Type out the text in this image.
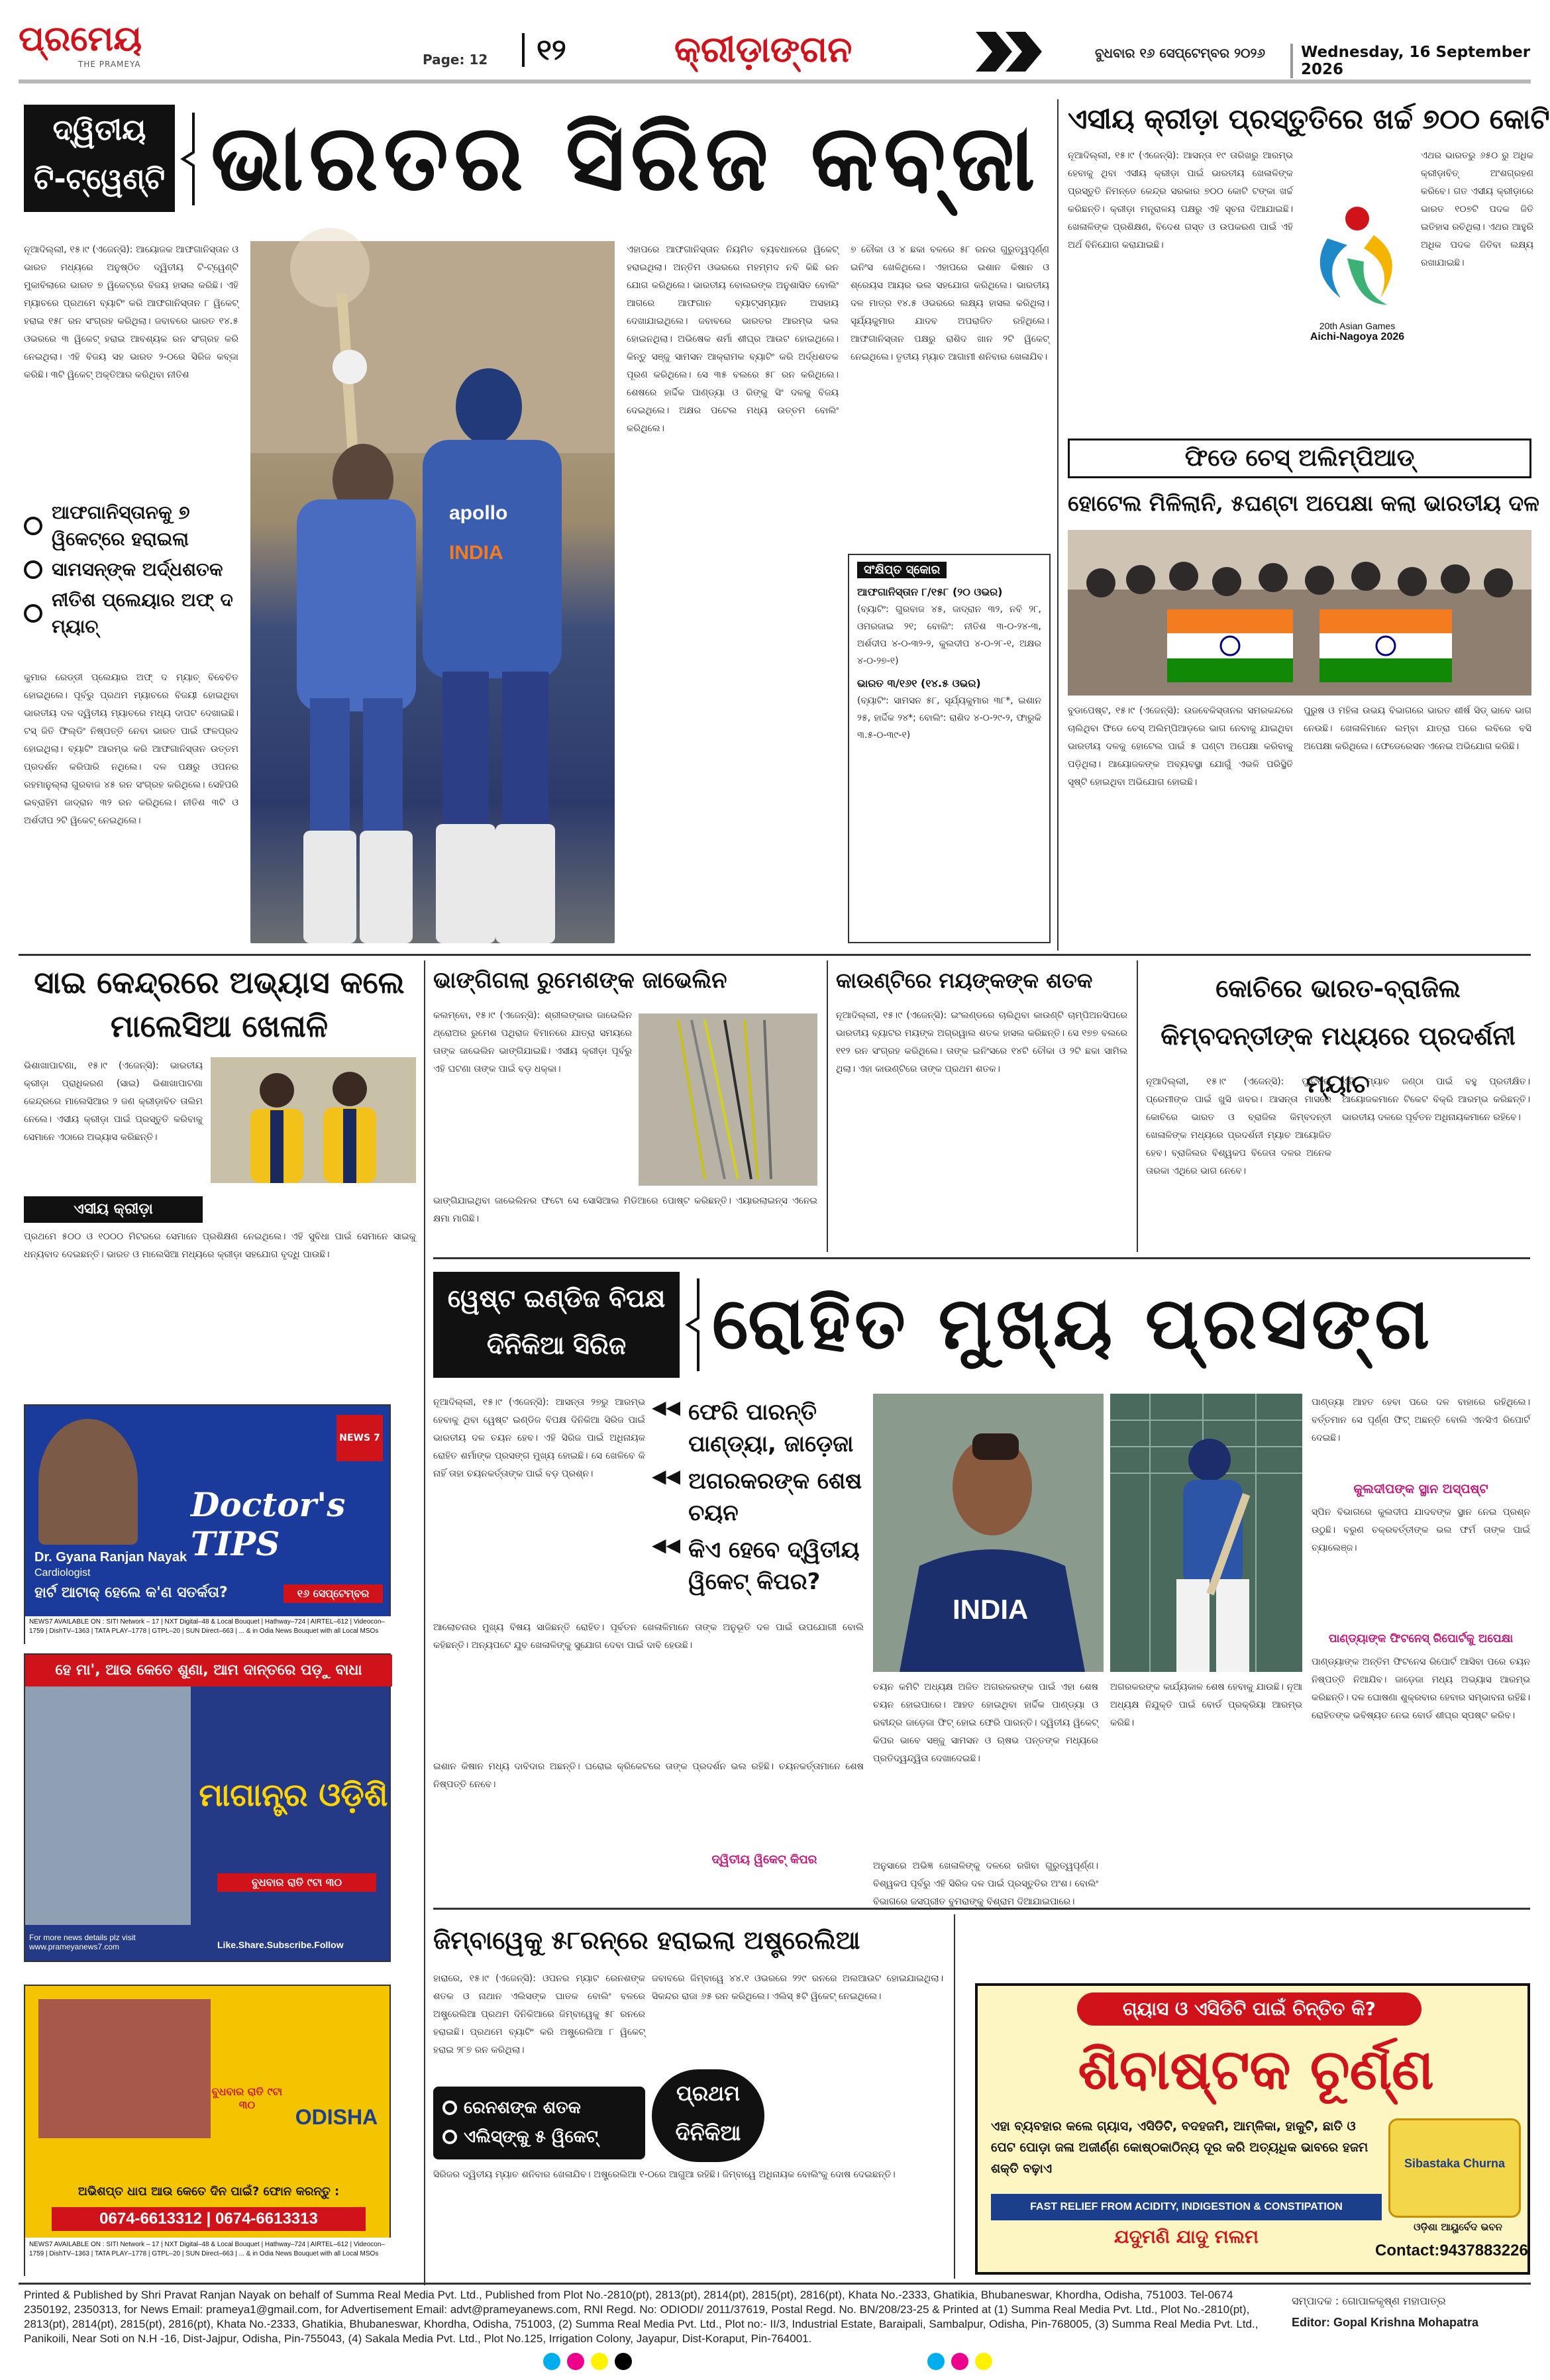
ପ୍ରମେୟ
THE PRAMEYA	Page: 12	୧୨	କ୍ରୀଡ଼ାଙ୍ଗନ	ବୁଧବାର ୧୬ ସେପ୍ଟେମ୍ବର ୨୦୨୬	Wednesday, 16 September 2026
ଦ୍ୱିତୀୟ
ଟି-ଟ୍ୱେଣ୍ଟି ଭାରତର ସିରିଜ କବ୍‌ଜା
ନୂଆଦିଲ୍ଲୀ, ୧୫।୯ (ଏଜେନ୍ସି): ଆୟୋଜକ ଆଫଗାନିସ୍ତାନ ଓ ଭାରତ ମଧ୍ୟରେ ଅନୁଷ୍ଠିତ ଦ୍ୱିତୀୟ ଟି-ଟ୍ୱେଣ୍ଟି ମୁକାବିଲାରେ ଭାରତ ୭ ୱିକେଟ୍‌ରେ ବିଜୟ ହାସଲ କରିଛି। ଏହି ମ୍ୟାଚରେ ପ୍ରଥମେ ବ୍ୟାଟିଂ କରି ଆଫଗାନିସ୍ତାନ ୮ ୱିକେଟ୍ ହରାଇ ୧୫୮ ରନ ସଂଗ୍ରହ କରିଥିଲା। ଜବାବରେ ଭାରତ ୧୪.୫ ଓଭରରେ ୩ ୱିକେଟ୍ ହରାଇ ଆବଶ୍ୟକ ରନ ସଂଗ୍ରହ କରି ନେଇଥିଲା। ଏହି ବିଜୟ ସହ ଭାରତ ୨-୦ରେ ସିରିଜ କବ୍‌ଜା କରିଛି। ୩ଟି ୱିକେଟ୍ ଅକ୍ତିଆର କରିଥିବା ନୀତିଶ
ଆଫଗାନିସ୍ତାନକୁ ୭ ୱିକେଟ୍‌ରେ ହରାଇଲା
ସାମସନ୍‌ଙ୍କ ଅର୍ଦ୍ଧଶତକ
ନୀତିଶ ପ୍ଲେୟାର ଅଫ୍ ଦ ମ୍ୟାଚ୍
କୁମାର ରେଡ୍ଡୀ ପ୍ଲେୟାର ଅଫ୍ ଦ ମ୍ୟାଚ୍ ବିବେଚିତ ହୋଇଥିଲେ। ପୂର୍ବରୁ ପ୍ରଥମ ମ୍ୟାଚରେ ବିଜୟୀ ହୋଇଥିବା ଭାରତୀୟ ଦଳ ଦ୍ୱିତୀୟ ମ୍ୟାଚରେ ମଧ୍ୟ ଦାପଟ ଦେଖାଇଛି। ଟସ୍ ଜିତି ଫିଲ୍ଡିଂ ନିଷ୍ପତ୍ତି ନେବା ଭାରତ ପାଇଁ ଫଳପ୍ରଦ ହୋଇଥିଲା। ବ୍ୟାଟିଂ ଆରମ୍ଭ କରି ଆଫଗାନିସ୍ତାନ ଉତ୍ତମ ପ୍ରଦର୍ଶନ କରିପାରି ନଥିଲେ। ଦଳ ପକ୍ଷରୁ ଓପନର ରହମାନୁଲ୍ଲା ଗୁରବାଜ ୪୫ ରନ ସଂଗ୍ରହ କରିଥିଲେ। ସେହିପରି ଇବ୍ରାହିମ ଜାଦ୍ରାନ ୩୨ ରନ କରିଥିଲେ। ନୀତିଶ ୩ଟି ଓ ଅର୍ଶଦୀପ ୨ଟି ୱିକେଟ୍ ନେଇଥିଲେ।
apollo
INDIA
ଏହାପରେ ଆଫଗାନିସ୍ତାନ ନିୟମିତ ବ୍ୟବଧାନରେ ୱିକେଟ୍ ହରାଇଥିଲା। ଅନ୍ତିମ ଓଭରରେ ମହମ୍ମଦ ନବି କିଛି ରନ ଯୋଗ କରିଥିଲେ। ଭାରତୀୟ ବୋଲରଙ୍କ ଅନୁଶାସିତ ବୋଲିଂ ଆଗରେ ଆଫଗାନ ବ୍ୟାଟ୍ସମ୍ୟାନ ଅସହାୟ ଦେଖାଯାଇଥିଲେ। ଜବାବରେ ଭାରତର ଆରମ୍ଭ ଭଲ ହୋଇନଥିଲା। ଅଭିଷେକ ଶର୍ମା ଶୀଘ୍ର ଆଉଟ ହୋଇଥିଲେ। କିନ୍ତୁ ସଞ୍ଜୁ ସାମସନ ଆକ୍ରାମକ ବ୍ୟାଟିଂ କରି ଅର୍ଦ୍ଧଶତକ ପୂରଣ କରିଥିଲେ। ସେ ୩୫ ବଲରେ ୫୮ ରନ କରିଥିଲେ। ଶେଷରେ ହାର୍ଦ୍ଦିକ ପାଣ୍ଡ୍ୟା ଓ ରିଙ୍କୁ ସିଂ ଦଳକୁ ବିଜୟ ଦେଇଥିଲେ। ଅକ୍ଷର ପଟେଲ ମଧ୍ୟ ଉତ୍ତମ ବୋଲିଂ କରିଥିଲେ।
୭ ଚୌକା ଓ ୪ ଛକା ବଳରେ ୫୮ ରନର ଗୁରୁତ୍ୱପୂର୍ଣ୍ଣ ଇନିଂସ ଖେଳିଥିଲେ। ଏହାପରେ ଇଶାନ କିଷାନ ଓ ଶ୍ରେୟସ ଆୟର ଭଲ ସହଯୋଗ କରିଥିଲେ। ଭାରତୀୟ ଦଳ ମାତ୍ର ୧୪.୫ ଓଭରରେ ଲକ୍ଷ୍ୟ ହାସଲ କରିଥିଲା। ସୂର୍ଯ୍ୟକୁମାର ଯାଦବ ଅପରାଜିତ ରହିଥିଲେ। ଆଫଗାନିସ୍ତାନ ପକ୍ଷରୁ ରାଶିଦ ଖାନ ୨ଟି ୱିକେଟ୍ ନେଇଥିଲେ। ତୃତୀୟ ମ୍ୟାଚ ଆଗାମୀ ଶନିବାର ଖେଳାଯିବ।
ସଂକ୍ଷିପ୍ତ ସ୍କୋର
ଆଫଗାନିସ୍ତାନ ୮/୧୫୮ (୨୦ ଓଭର)
(ବ୍ୟାଟିଂ: ଗୁରବାଜ ୪୫, ଜାଦ୍ରାନ ୩୨, ନବି ୨୮, ଓମରଜାଇ ୨୧; ବୋଲିଂ: ନୀତିଶ ୩-୦-୨୪-୩, ଅର୍ଶଦୀପ ୪-୦-୩୨-୨, କୁଲଦୀପ ୪-୦-୨୮-୧, ଅକ୍ଷର ୪-୦-୨୭-୧)
ଭାରତ ୩/୧୬୧ (୧୪.୫ ଓଭର)
(ବ୍ୟାଟିଂ: ସାମସନ ୫୮, ସୂର୍ଯ୍ୟକୁମାର ୩୮*, ଇଶାନ ୨୫, ହାର୍ଦ୍ଦିକ ୨୪*; ବୋଲିଂ: ରାଶିଦ ୪-୦-୨୯-୨, ଫାରୁକି ୩.୫-୦-୩୯-୧)
ଏସୀୟ କ୍ରୀଡ଼ା ପ୍ରସ୍ତୁତିରେ ଖର୍ଚ୍ଚ ୭୦୦ କୋଟି
ନୂଆଦିଲ୍ଲୀ, ୧୫।୯ (ଏଜେନ୍ସି): ଆସନ୍ତା ୧୯ ତାରିଖରୁ ଆରମ୍ଭ ହେବାକୁ ଥିବା ଏସୀୟ କ୍ରୀଡ଼ା ପାଇଁ ଭାରତୀୟ ଖେଳାଳିଙ୍କ ପ୍ରସ୍ତୁତି ନିମନ୍ତେ କେନ୍ଦ୍ର ସରକାର ୭୦୦ କୋଟି ଟଙ୍କା ଖର୍ଚ୍ଚ କରିଛନ୍ତି। କ୍ରୀଡ଼ା ମନ୍ତ୍ରାଳୟ ପକ୍ଷରୁ ଏହି ସୂଚନା ଦିଆଯାଇଛି। ଖେଳାଳିଙ୍କ ପ୍ରଶିକ୍ଷଣ, ବିଦେଶ ଗସ୍ତ ଓ ଉପକରଣ ପାଇଁ ଏହି ଅର୍ଥ ବିନିଯୋଗ କରାଯାଇଛି।
20th Asian Games
Aichi-Nagoya 2026
ଏଥର ଭାରତରୁ ୬୫୦ ରୁ ଅଧିକ କ୍ରୀଡ଼ାବିତ୍ ଅଂଶଗ୍ରହଣ କରିବେ। ଗତ ଏସୀୟ କ୍ରୀଡ଼ାରେ ଭାରତ ୧୦୭ଟି ପଦକ ଜିତି ଇତିହାସ ରଚିଥିଲା। ଏଥର ଆହୁରି ଅଧିକ ପଦକ ଜିତିବା ଲକ୍ଷ୍ୟ ରଖାଯାଇଛି।
ଫିଡେ ଚେସ୍ ଅଲିମ୍ପିଆଡ୍
ହୋଟେଲ ମିଳିଲାନି, ୫ଘଣ୍ଟା ଅପେକ୍ଷା କଲା ଭାରତୀୟ ଦଳ
ବୁଡାପେଷ୍ଟ, ୧୫।୯ (ଏଜେନ୍ସି): ଉଜବେକିସ୍ତାନର ସମରକନ୍ଦରେ ଚାଲିଥିବା ଫିଡେ ଚେସ୍ ଅଲିମ୍ପିଆଡ଼ରେ ଭାଗ ନେବାକୁ ଯାଇଥିବା ଭାରତୀୟ ଦଳକୁ ହୋଟେଲ ପାଇଁ ୫ ଘଣ୍ଟା ଅପେକ୍ଷା କରିବାକୁ ପଡ଼ିଥିଲା। ଆୟୋଜକଙ୍କ ଅବ୍ୟବସ୍ଥା ଯୋଗୁଁ ଏଭଳି ପରିସ୍ଥିତି ସୃଷ୍ଟି ହୋଇଥିବା ଅଭିଯୋଗ ହୋଇଛି।
ପୁରୁଷ ଓ ମହିଳା ଉଭୟ ବିଭାଗରେ ଭାରତ ଶୀର୍ଷ ସିଡ୍ ଭାବେ ଭାଗ ନେଉଛି। ଖେଳାଳିମାନେ ଲମ୍ବା ଯାତ୍ରା ପରେ ଲବିରେ ବସି ଅପେକ୍ଷା କରିଥିଲେ। ଫେଡେରେସନ ଏନେଇ ଅଭିଯୋଗ କରିଛି।
ସାଇ କେନ୍ଦ୍ରରେ ଅଭ୍ୟାସ କଲେ ମାଲେସିଆ ଖେଳାଳି
ଭିଶାଖାପାଟଣା, ୧୫।୯ (ଏଜେନ୍ସି): ଭାରତୀୟ କ୍ରୀଡ଼ା ପ୍ରାଧିକରଣ (ସାଇ) ଭିଶାଖାପାଟଣା କେନ୍ଦ୍ରରେ ମାଲେସିଆର ୨ ଜଣ କ୍ରୀଡ଼ାବିତ ତାଲିମ ନେଲେ। ଏସୀୟ କ୍ରୀଡ଼ା ପାଇଁ ପ୍ରସ୍ତୁତି କରିବାକୁ ସେମାନେ ଏଠାରେ ଅଭ୍ୟାସ କରିଛନ୍ତି।
ଏସୀୟ କ୍ରୀଡ଼ା
ପ୍ରଥମେ ୫୦୦ ଓ ୧୦୦୦ ମିଟରରେ ସେମାନେ ପ୍ରଶିକ୍ଷଣ ନେଇଥିଲେ। ଏହି ସୁବିଧା ପାଇଁ ସେମାନେ ସାଇକୁ ଧନ୍ୟବାଦ ଦେଇଛନ୍ତି। ଭାରତ ଓ ମାଲେସିଆ ମଧ୍ୟରେ କ୍ରୀଡ଼ା ସହଯୋଗ ବୃଦ୍ଧି ପାଉଛି।
ଭାଙ୍ଗିଗଲା ରୁମେଶଙ୍କ ଜାଭେଲିନ
କଲମ୍ବୋ, ୧୫।୯ (ଏଜେନ୍ସି): ଶ୍ରୀଲଙ୍କାର ଜାଭେଲିନ ଥ୍ରୋଅର ରୁମେଶ ପଥିରାଜ ବିମାନରେ ଯାତ୍ରା ସମୟରେ ତାଙ୍କ ଜାଭେଲିନ ଭାଙ୍ଗିଯାଇଛି। ଏସୀୟ କ୍ରୀଡ଼ା ପୂର୍ବରୁ ଏହି ଘଟଣା ତାଙ୍କ ପାଇଁ ବଡ଼ ଧକ୍କା।
ଭାଙ୍ଗିଯାଇଥିବା ଜାଭେଲିନର ଫଟୋ ସେ ସୋସିଆଲ ମିଡିଆରେ ପୋଷ୍ଟ କରିଛନ୍ତି। ଏୟାରଲାଇନ୍ସ ଏନେଇ କ୍ଷମା ମାଗିଛି।
କାଉଣ୍ଟିରେ ମୟଙ୍କଙ୍କ ଶତକ
ନୂଆଦିଲ୍ଲୀ, ୧୫।୯ (ଏଜେନ୍ସି): ଇଂଲଣ୍ଡରେ ଚାଲିଥିବା କାଉଣ୍ଟି ଚାମ୍ପିଅନସିପରେ ଭାରତୀୟ ବ୍ୟାଟର ମୟଙ୍କ ଅଗ୍ରୱାଲ ଶତକ ହାସଲ କରିଛନ୍ତି। ସେ ୧୭୭ ବଲରେ ୧୧୨ ରନ ସଂଗ୍ରହ କରିଥିଲେ। ତାଙ୍କ ଇନିଂସରେ ୧୪ଟି ଚୌକା ଓ ୨ଟି ଛକା ସାମିଲ ଥିଲା। ଏହା କାଉଣ୍ଟିରେ ତାଙ୍କ ପ୍ରଥମ ଶତକ।
କୋଚିରେ ଭାରତ-ବ୍ରାଜିଲ କିମ୍ବଦନ୍ତୀଙ୍କ ମଧ୍ୟରେ ପ୍ରଦର୍ଶନୀ ମ୍ୟାଚ
ନୂଆଦିଲ୍ଲୀ, ୧୫।୯ (ଏଜେନ୍ସି): ଫୁଟବଲ ପ୍ରେମୀଙ୍କ ପାଇଁ ଖୁସି ଖବର। ଆସନ୍ତା ମାସରେ କୋଚିରେ ଭାରତ ଓ ବ୍ରାଜିଲ କିମ୍ବଦନ୍ତୀ ଖେଳାଳିଙ୍କ ମଧ୍ୟରେ ପ୍ରଦର୍ଶନୀ ମ୍ୟାଚ ଆୟୋଜିତ ହେବ। ବ୍ରାଜିଲର ବିଶ୍ୱକପ ବିଜେତା ଦଳର ଅନେକ ତାରକା ଏଥିରେ ଭାଗ ନେବେ।
ଏହି ମ୍ୟାଚ ଜଣ୍ଠା ପାଇଁ ବହୁ ପ୍ରତୀକ୍ଷିତ। ଆୟୋଜକମାନେ ଟିକେଟ ବିକ୍ରି ଆରମ୍ଭ କରିଛନ୍ତି। ଭାରତୀୟ ଦଳରେ ପୂର୍ବତନ ଅଧିନାୟକମାନେ ରହିବେ।
ୱେଷ୍ଟ ଇଣ୍ଡିଜ ବିପକ୍ଷ
ଦିନିକିଆ ସିରିଜ	ରୋହିତ ମୁଖ୍ୟ ପ୍ରସଙ୍ଗ
ନୂଆଦିଲ୍ଲୀ, ୧୫।୯ (ଏଜେନ୍ସି): ଆସନ୍ତା ୨୭ରୁ ଆରମ୍ଭ ହେବାକୁ ଥିବା ୱେଷ୍ଟ ଇଣ୍ଡିଜ ବିପକ୍ଷ ଦିନିକିଆ ସିରିଜ ପାଇଁ ଭାରତୀୟ ଦଳ ଚୟନ ହେବ। ଏହି ସିରିଜ ପାଇଁ ଅଧିନାୟକ ରୋହିତ ଶର୍ମାଙ୍କ ପ୍ରସଙ୍ଗ ମୁଖ୍ୟ ହୋଇଛି। ସେ ଖେଳିବେ କି ନାହିଁ ତାହା ଚୟନକର୍ତ୍ତାଙ୍କ ପାଇଁ ବଡ଼ ପ୍ରଶ୍ନ।
◀◀ ଫେରି ପାରନ୍ତି ପାଣ୍ଡ୍ୟା, ଜାଡ଼େଜା
◀◀ ଅଗରକରଙ୍କ ଶେଷ ଚୟନ
◀◀ କିଏ ହେବେ ଦ୍ୱିତୀୟ ୱିକେଟ୍ କିପର?
ଆଲୋଚନାର ମୁଖ୍ୟ ବିଷୟ ସାଜିଛନ୍ତି ରୋହିତ। ପୂର୍ବତନ ଖେଳାଳିମାନେ ତାଙ୍କ ଅନୁଭୂତି ଦଳ ପାଇଁ ଉପଯୋଗୀ ବୋଲି କହିଛନ୍ତି। ଅନ୍ୟପଟେ ଯୁବ ଖେଳାଳିଙ୍କୁ ସୁଯୋଗ ଦେବା ପାଇଁ ଦାବି ହେଉଛି।
INDIA
ଚୟନ କମିଟି ଅଧ୍ୟକ୍ଷ ଅଜିତ ଅଗରକରଙ୍କ ପାଇଁ ଏହା ଶେଷ ଚୟନ ହୋଇପାରେ। ଆହତ ହୋଇଥିବା ହାର୍ଦ୍ଦିକ ପାଣ୍ଡ୍ୟା ଓ ରବୀନ୍ଦ୍ର ଜାଡ଼େଜା ଫିଟ୍ ହୋଇ ଫେରି ପାରନ୍ତି। ଦ୍ୱିତୀୟ ୱିକେଟ୍ କିପର ଭାବେ ସଞ୍ଜୁ ସାମସନ ଓ ଋଷଭ ପନ୍ତଙ୍କ ମଧ୍ୟରେ ପ୍ରତିଦ୍ୱନ୍ଦ୍ୱିତା ଦେଖାଦେଇଛି।
ଦ୍ୱିତୀୟ ୱିକେଟ୍ କିପର
ଇଶାନ କିଷାନ ମଧ୍ୟ ଦାବିଦାର ଅଛନ୍ତି। ଘରୋଇ କ୍ରିକେଟରେ ତାଙ୍କ ପ୍ରଦର୍ଶନ ଭଲ ରହିଛି। ଚୟନକର୍ତ୍ତାମାନେ ଶେଷ ନିଷ୍ପତ୍ତି ନେବେ।
ଅନୁସାରେ ଅଭିଜ୍ଞ ଖେଳାଳିଙ୍କୁ ଦଳରେ ରଖିବା ଗୁରୁତ୍ୱପୂର୍ଣ୍ଣ। ବିଶ୍ୱକପ ପୂର୍ବରୁ ଏହି ସିରିଜ ଦଳ ପାଇଁ ପ୍ରସ୍ତୁତିର ଅଂଶ। ବୋଲିଂ ବିଭାଗରେ ଜସପ୍ରୀତ ବୁମରାଙ୍କୁ ବିଶ୍ରାମ ଦିଆଯାଇପାରେ।
ଅଗରକରଙ୍କ କାର୍ଯ୍ୟକାଳ ଶେଷ ହେବାକୁ ଯାଉଛି। ନୂଆ ଅଧ୍ୟକ୍ଷ ନିଯୁକ୍ତି ପାଇଁ ବୋର୍ଡ ପ୍ରକ୍ରିୟା ଆରମ୍ଭ କରିଛି।
ପାଣ୍ଡ୍ୟା ଆହତ ହେବା ପରେ ଦଳ ବାହାରେ ରହିଥିଲେ। ବର୍ତ୍ତମାନ ସେ ପୂର୍ଣ୍ଣ ଫିଟ୍ ଅଛନ୍ତି ବୋଲି ଏନସିଏ ରିପୋର୍ଟ ଦେଇଛି।
କୁଲଦୀପଙ୍କ ସ୍ଥାନ ଅସ୍ପଷ୍ଟ
ସ୍ପିନ ବିଭାଗରେ କୁଲଦୀପ ଯାଦବଙ୍କ ସ୍ଥାନ ନେଇ ପ୍ରଶ୍ନ ଉଠୁଛି। ବରୁଣ ଚକ୍ରବର୍ତ୍ତୀଙ୍କ ଭଲ ଫର୍ମ ତାଙ୍କ ପାଇଁ ଚ୍ୟାଲେଞ୍ଜ।
ପାଣ୍ଡ୍ୟାଙ୍କ ଫିଟନେସ୍ ରିପୋର୍ଟକୁ ଅପେକ୍ଷା
ପାଣ୍ଡ୍ୟାଙ୍କ ଅନ୍ତିମ ଫିଟନେସ ରିପୋର୍ଟ ଆସିବା ପରେ ଚୟନ ନିଷ୍ପତ୍ତି ନିଆଯିବ। ଜାଡ଼େଜା ମଧ୍ୟ ଅଭ୍ୟାସ ଆରମ୍ଭ କରିଛନ୍ତି। ଦଳ ଘୋଷଣା ଶୁକ୍ରବାର ହେବାର ସମ୍ଭାବନା ରହିଛି। ରୋହିତଙ୍କ ଭବିଷ୍ୟତ ନେଇ ବୋର୍ଡ ଶୀଘ୍ର ସ୍ପଷ୍ଟ କରିବ।
ଜିମ୍ବାୱେକୁ ୫୮ରନ୍‌ରେ ହରାଇଲା ଅଷ୍ଟ୍ରେଲିଆ
ରେନଶଙ୍କ ଶତକ
ଏଲିସ୍‌ଙ୍କୁ ୫ ୱିକେଟ୍
ପ୍ରଥମ
ଦିନିକିଆ
ହାରାରେ, ୧୫।୯ (ଏଜେନ୍ସି): ଓପନର ମ୍ୟାଟ ରେନଶଙ୍କ ଶତକ ଓ ନାଥାନ ଏଲିସଙ୍କ ଘାତକ ବୋଲିଂ ବଳରେ ଅଷ୍ଟ୍ରେଲିଆ ପ୍ରଥମ ଦିନିକିଆରେ ଜିମ୍ବାୱେକୁ ୫୮ ରନରେ ହରାଇଛି। ପ୍ରଥମେ ବ୍ୟାଟିଂ କରି ଅଷ୍ଟ୍ରେଲିଆ ୮ ୱିକେଟ୍ ହରାଇ ୨୮୭ ରନ କରିଥିଲା।
ଜବାବରେ ଜିମ୍ବାୱେ ୪୪.୧ ଓଭରରେ ୨୨୯ ରନରେ ଅଲଆଉଟ ହୋଇଯାଇଥିଲା। ସିକନ୍ଦର ରାଜା ୬୫ ରନ କରିଥିଲେ। ଏଲିସ୍ ୫ଟି ୱିକେଟ୍ ନେଇଥିଲେ।
ସିରିଜର ଦ୍ୱିତୀୟ ମ୍ୟାଚ ଶନିବାର ଖେଳାଯିବ। ଅଷ୍ଟ୍ରେଲିଆ ୧-୦ରେ ଆଗୁଆ ରହିଛି। ଜିମ୍ବାୱେ ଅଧିନାୟକ ବୋଲିଂକୁ ଦୋଷ ଦେଇଛନ୍ତି।
ଗ୍ୟାସ ଓ ଏସିଡିଟି ପାଇଁ ଚିନ୍ତିତ କି?
ଶିବାଷ୍ଟକ ଚୂର୍ଣ୍ଣ
ଏହା ବ୍ୟବହାର କଲେ ଗ୍ୟାସ, ଏସିଡିଟି, ବଦହଜମି, ଆମ୍ଳିକା, ହାକୁଟି, ଛାତି ଓ ପେଟ ପୋଡ଼ା ଜଳା ଅଜୀର୍ଣ୍ଣ କୋଷ୍ଠକାଠିନ୍ୟ ଦୂର କରି ଅତ୍ୟଧିକ ଭାବରେ ହଜମ ଶକ୍ତି ବଢ଼ାଏ
FAST RELIEF FROM ACIDITY, INDIGESTION & CONSTIPATION
ଯଦୁମଣି ଯାଦୁ ମଲମ
Sibastaka Churna
ଓଡ଼ିଶା ଆୟୁର୍ବେଦ ଭବନ
Contact:9437883226
Dr. Gyana Ranjan Nayak
Cardiologist
Doctor's TIPS
NEWS 7
ହାର୍ଟ ଆଟାକ୍ ହେଲେ କ'ଣ ସତର୍କତା?	୧୬ ସେପ୍ଟେମ୍ବର
NEWS7 AVAILABLE ON : SITI Network – 17 | NXT Digital–48 & Local Bouquet | Hathway–724 | AIRTEL–612 | Videocon–1759 | DishTV–1363 | TATA PLAY–1778 | GTPL–20 | SUN Direct–663 | ... & in Odia News Bouquet with all Local MSOs
ହେ ମା', ଆଉ କେତେ ଶୁଣା, ଆମ ଦାନ୍ତରେ ପଡ଼ୁ ବାଧା
ମାଗାନ୍ତ୍ର ଓଡ଼ିଶି
ବୁଧବାର ରାତି ୯ଟା ୩୦
For more news details plz visit www.prameyanews7.com	Like.Share.Subscribe.Follow
ODISHA
ବୁଧବାର ରାତି ୯ଟା ୩୦
ଅଭିଶପ୍ତ ଧାପ ଆଉ କେତେ ଦିନ ପାଇଁ? ଫୋନ କରନ୍ତୁ :
0674-6613312 | 0674-6613313
NEWS7 AVAILABLE ON : SITI Network – 17 | NXT Digital–48 & Local Bouquet | Hathway–724 | AIRTEL–612 | Videocon–1759 | DishTV–1363 | TATA PLAY–1778 | GTPL–20 | SUN Direct–663 | ... & in Odia News Bouquet with all Local MSOs
Printed & Published by Shri Pravat Ranjan Nayak on behalf of Summa Real Media Pvt. Ltd., Published from Plot No.-2810(pt), 2813(pt), 2814(pt), 2815(pt), 2816(pt), Khata No.-2333, Ghatikia, Bhubaneswar, Khordha, Odisha, 751003. Tel-0674 2350192, 2350313, for News Email: prameya1@gmail.com, for Advertisement Email: advt@prameyanews.com, RNI Regd. No: ODIODI/ 2011/37619, Postal Regd. No. BN/208/23-25 & Printed at (1) Summa Real Media Pvt. Ltd., Plot No.-2810(pt), 2813(pt), 2814(pt), 2815(pt), 2816(pt), Khata No.-2333, Ghatikia, Bhubaneswar, Khordha, Odisha, 751003, (2) Summa Real Media Pvt. Ltd., Plot no:- II/3, Industrial Estate, Baraipali, Sambalpur, Odisha, Pin-768005, (3) Summa Real Media Pvt. Ltd., Panikoili, Near Soti on N.H -16, Dist-Jajpur, Odisha, Pin-755043, (4) Sakala Media Pvt. Ltd., Plot No.125, Irrigation Colony, Jayapur, Dist-Koraput, Pin-764001.
ସମ୍ପାଦକ : ଗୋପାଳକୃଷ୍ଣ ମହାପାତ୍ର
Editor: Gopal Krishna Mohapatra
